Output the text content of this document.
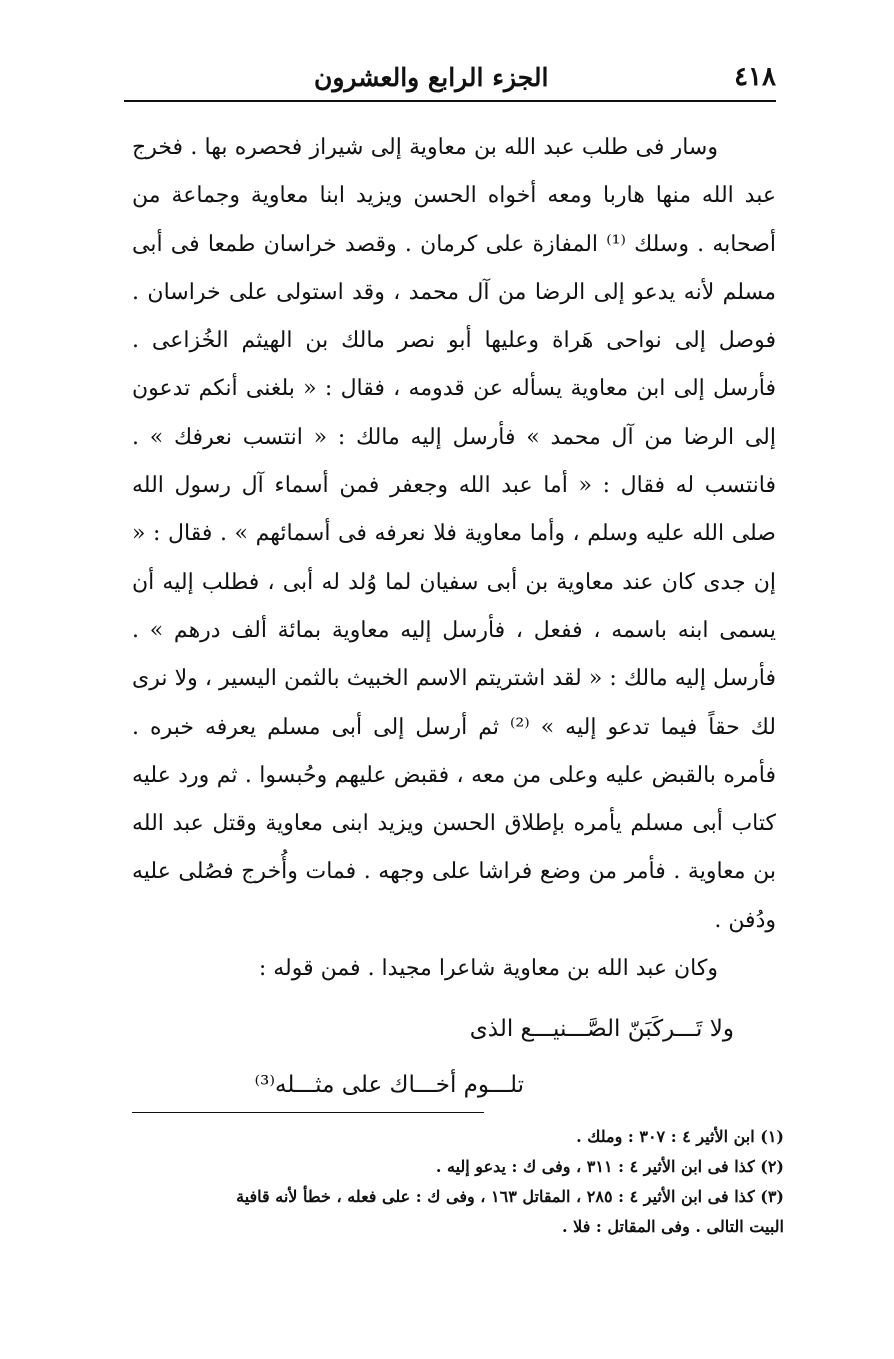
٤١٨
الجزء الرابع والعشرون

وسار فى طلب عبد الله بن معاوية إلى شيراز فحصره بها . فخرج عبد الله منها هاربا ومعه أخواه الحسن ويزيد ابنا معاوية وجماعة من أصحابه . وسلك ⁽¹⁾ المفازة على كرمان . وقصد خراسان طمعا فى أبى مسلم لأنه يدعو إلى الرضا من آل محمد ، وقد استولى على خراسان . فوصل إلى نواحى هَراة وعليها أبو نصر مالك بن الهيثم الخُزاعى . فأرسل إلى ابن معاوية يسأله عن قدومه ، فقال : « بلغنى أنكم تدعون إلى الرضا من آل محمد » فأرسل إليه مالك : « انتسب نعرفك » . فانتسب له فقال : « أما عبد الله وجعفر فمن أسماء آل رسول الله صلى الله عليه وسلم ، وأما معاوية فلا نعرفه فى أسمائهم » . فقال : « إن جدى كان عند معاوية بن أبى سفيان لما وُلد له أبى ، فطلب إليه أن يسمى ابنه باسمه ، ففعل ، فأرسل إليه معاوية بمائة ألف درهم » . فأرسل إليه مالك : « لقد اشتريتم الاسم الخبيث بالثمن اليسير ، ولا نرى لك حقاً فيما تدعو إليه » ⁽²⁾ ثم أرسل إلى أبى مسلم يعرفه خبره . فأمره بالقبض عليه وعلى من معه ، فقبض عليهم وحُبسوا . ثم ورد عليه كتاب أبى مسلم يأمره بإطلاق الحسن ويزيد ابنى معاوية وقتل عبد الله بن معاوية . فأمر من وضع فراشا على وجهه . فمات وأُخرج فصُلى عليه ودُفن .

وكان عبد الله بن معاوية شاعرا مجيدا . فمن قوله :

ولا تَـــركَبَنّ الصَّـــنيـــع الذى
تلـــوم أخـــاك على مثـــله⁽³⁾

(١) ابن الأثير ٤ : ٣٠٧ : وملك .

(٢) كذا فى ابن الأثير ٤ : ٣١١ ، وفى ك : يدعو إليه .

(٣) كذا فى ابن الأثير ٤ : ٢٨٥ ، المقاتل ١٦٣ ، وفى ك : على فعله ، خطأ لأنه قافية

البيت التالى . وفى المقاتل : فلا .
